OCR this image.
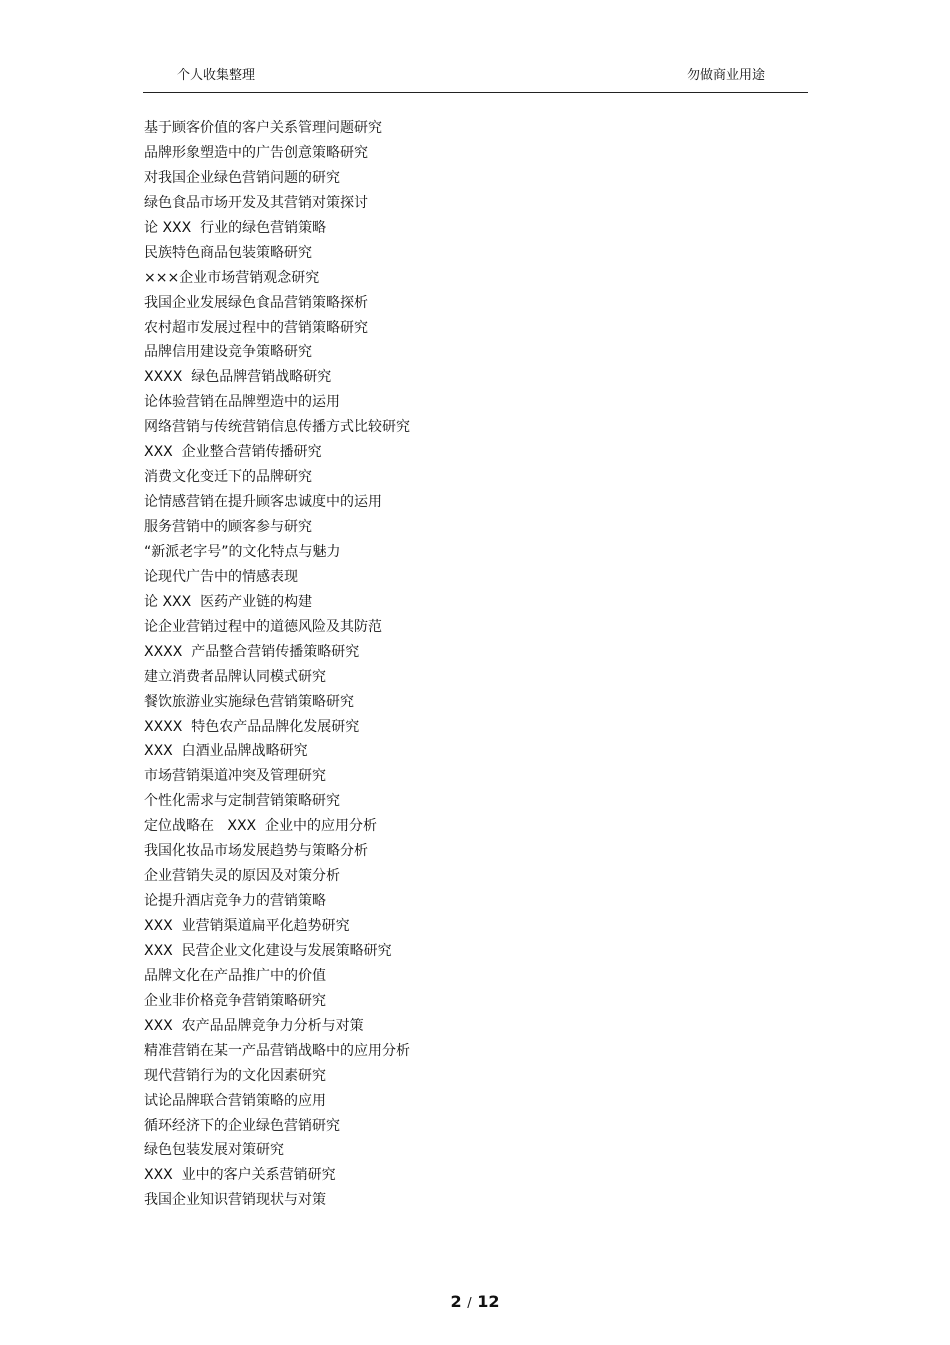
个人收集整理	勿做商业用途
基于顾客价值的客户关系管理问题研究
品牌形象塑造中的广告创意策略研究
对我国企业绿色营销问题的研究
绿色食品市场开发及其营销对策探讨
论 XXX  行业的绿色营销策略
民族特色商品包装策略研究
×××企业市场营销观念研究
我国企业发展绿色食品营销策略探析
农村超市发展过程中的营销策略研究
品牌信用建设竞争策略研究
XXXX  绿色品牌营销战略研究
论体验营销在品牌塑造中的运用
网络营销与传统营销信息传播方式比较研究
XXX  企业整合营销传播研究
消费文化变迁下的品牌研究
论情感营销在提升顾客忠诚度中的运用
服务营销中的顾客参与研究
“新派老字号”的文化特点与魅力
论现代广告中的情感表现
论 XXX  医药产业链的构建
论企业营销过程中的道德风险及其防范
XXXX  产品整合营销传播策略研究
建立消费者品牌认同模式研究
餐饮旅游业实施绿色营销策略研究
XXXX  特色农产品品牌化发展研究
XXX  白酒业品牌战略研究
市场营销渠道冲突及管理研究
个性化需求与定制营销策略研究
定位战略在   XXX  企业中的应用分析
我国化妆品市场发展趋势与策略分析
企业营销失灵的原因及对策分析
论提升酒店竞争力的营销策略
XXX  业营销渠道扁平化趋势研究
XXX  民营企业文化建设与发展策略研究
品牌文化在产品推广中的价值
企业非价格竞争营销策略研究
XXX  农产品品牌竞争力分析与对策
精准营销在某一产品营销战略中的应用分析
现代营销行为的文化因素研究
试论品牌联合营销策略的应用
循环经济下的企业绿色营销研究
绿色包装发展对策研究
XXX  业中的客户关系营销研究
我国企业知识营销现状与对策
2 / 12
